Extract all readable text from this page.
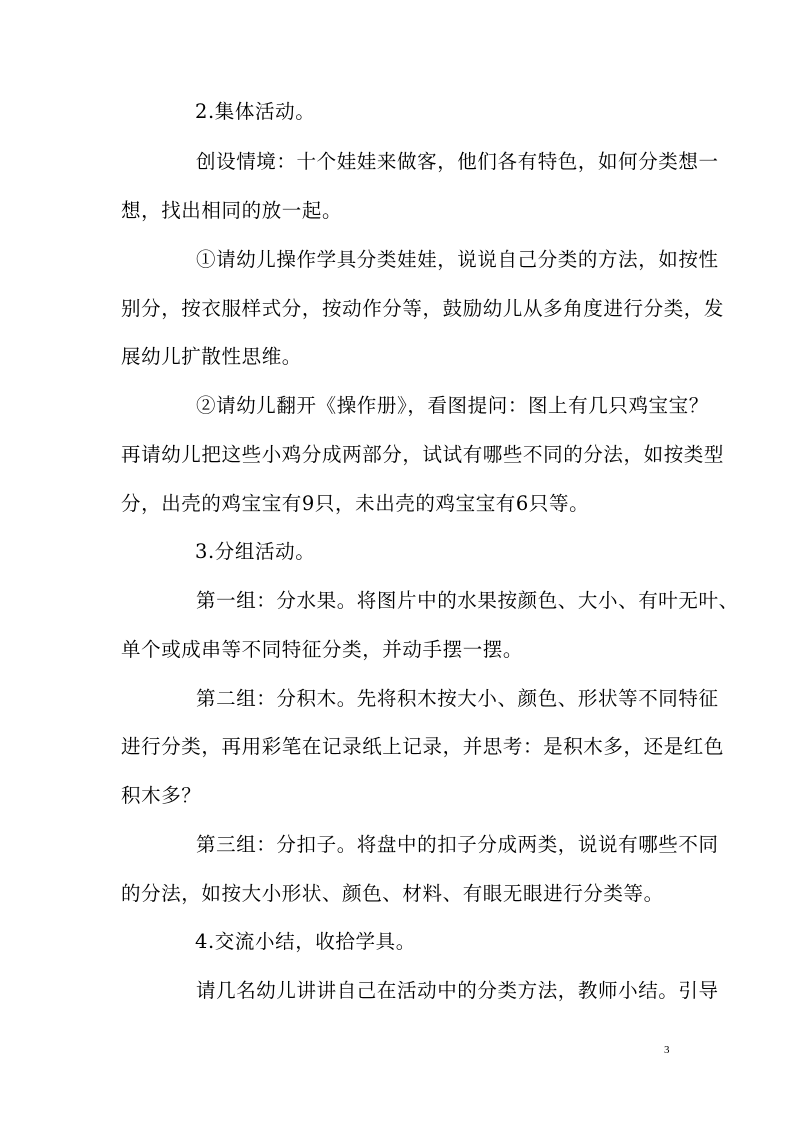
2.集体活动。
创设情境：十个娃娃来做客，他们各有特色，如何分类想一
想，找出相同的放一起。
①请幼儿操作学具分类娃娃，说说自己分类的方法，如按性
别分，按衣服样式分，按动作分等，鼓励幼儿从多角度进行分类，发
展幼儿扩散性思维。
②请幼儿翻开《操作册》，看图提问：图上有几只鸡宝宝？
再请幼儿把这些小鸡分成两部分，试试有哪些不同的分法，如按类型
分，出壳的鸡宝宝有9只，未出壳的鸡宝宝有6只等。
3.分组活动。
第一组：分水果。将图片中的水果按颜色、大小、有叶无叶、
单个或成串等不同特征分类，并动手摆一摆。
第二组：分积木。先将积木按大小、颜色、形状等不同特征
进行分类，再用彩笔在记录纸上记录，并思考：是积木多，还是红色
积木多？
第三组：分扣子。将盘中的扣子分成两类，说说有哪些不同
的分法，如按大小形状、颜色、材料、有眼无眼进行分类等。
4.交流小结，收拾学具。
请几名幼儿讲讲自己在活动中的分类方法，教师小结。引导
3
